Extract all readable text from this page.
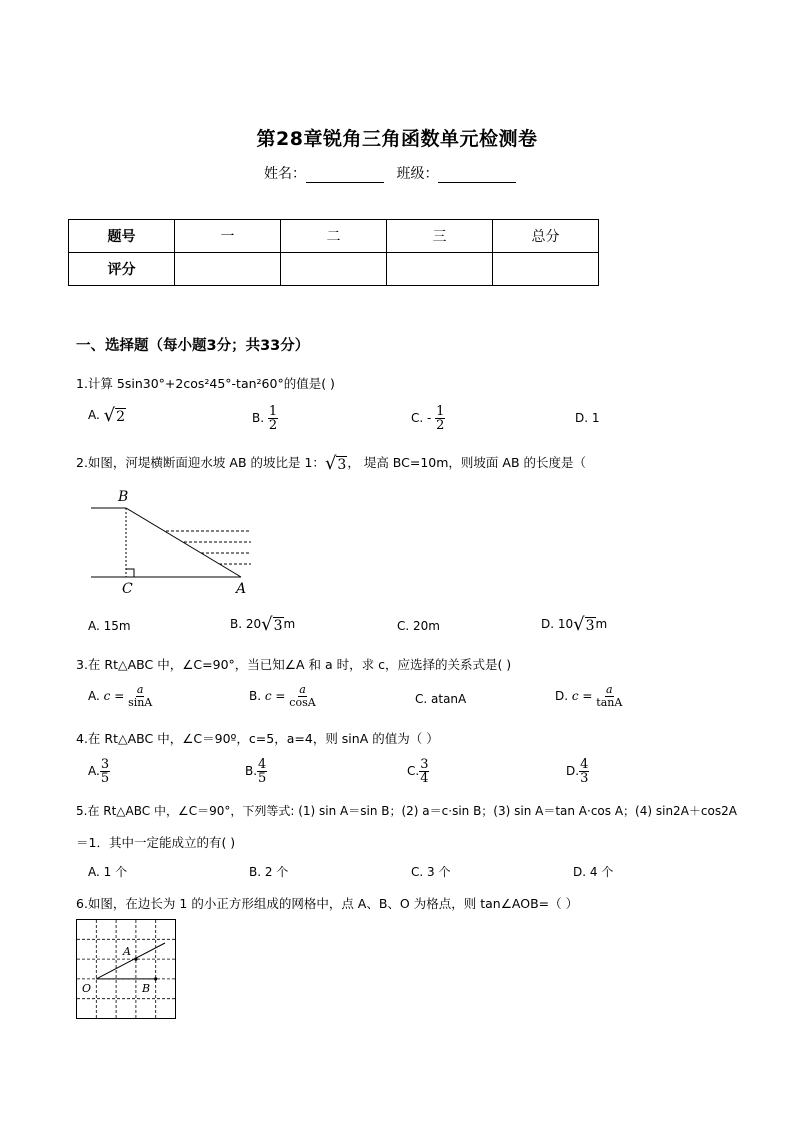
第28章锐角三角函数单元检测卷
姓名：	班级：
题号	一	二	三	总分
评分				
一、选择题（每小题3分；共33分）
1.计算 5sin30°+2cos²45°-tan²60°的值是( )
A. √2	B. $\frac{1}{2}$	C. - $\frac{1}{2}$	D. 1
2.如图，河堤横断面迎水坡 AB 的坡比是 1：√3， 堤高 BC=10m，则坡面 AB 的长度是（
B
C	A
A. 15m	B. 20√3m	C. 20m	D. 10√3m
3.在 Rt△ABC 中，∠C=90°，当已知∠A 和 a 时，求 c，应选择的关系式是( )
A. $c = \frac{a}{\sin A}$	B. $c = \frac{a}{\cos A}$	C. atanA	D. $c = \frac{a}{\tan A}$
4.在 Rt△ABC 中，∠C＝90º，c=5，a=4，则 sinA 的值为（ ）
A. $\frac{3}{5}$	B. $\frac{4}{5}$	C. $\frac{3}{4}$	D. $\frac{4}{3}$
5.在 Rt△ABC 中，∠C＝90°，下列等式: (1) sin A＝sin B；(2) a＝c·sin B；(3) sin A＝tan A·cos A；(4) sin2A＋cos2A
＝1．其中一定能成立的有( )
A. 1 个	B. 2 个	C. 3 个	D. 4 个
6.如图，在边长为 1 的小正方形组成的网格中，点 A、B、O 为格点，则 tan∠AOB=（ ）
A
B
O
